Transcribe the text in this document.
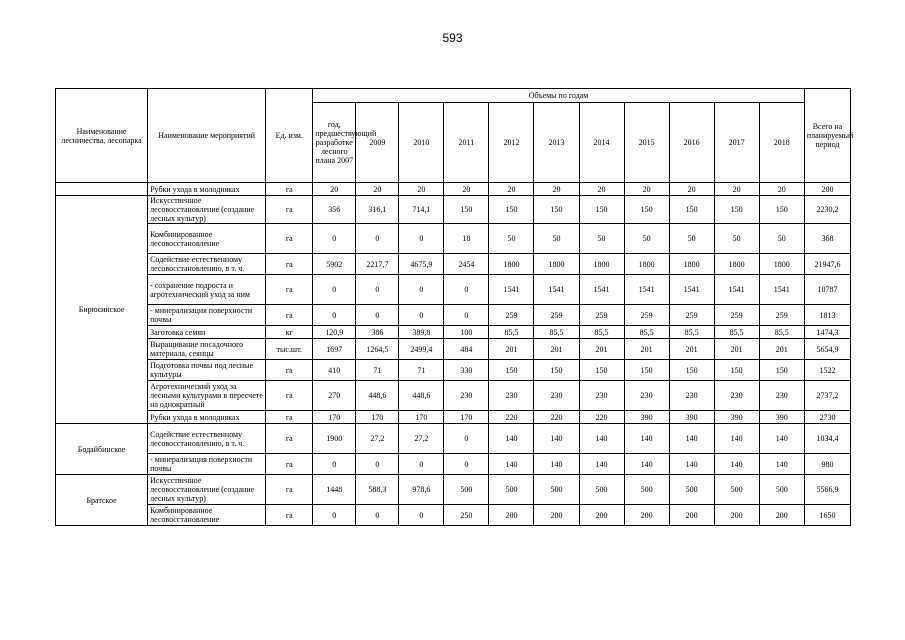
593
Наименование лесничества, лесопарка	Наименование мероприятий	Ед. изм.	Объемы по годам											Всего на планируемый период
			год, предшествующий разработке лесного плана 2007	2009	2010	2011	2012	2013	2014	2015	2016	2017	2018	
	Рубки ухода в молодняках	га	20	20	20	20	20	20	20	20	20	20	20	200
Бирюсинское	Искусственное лесовосстановление (создание лесных культур)	га	356	316,1	714,1	150	150	150	150	150	150	150	150	2230,2
	Комбинированное лесовосстановление	га	0	0	0	18	50	50	50	50	50	50	50	368
	Содействие естественному лесовосстановлению, в т. ч.	га	5902	2217,7	4675,9	2454	1800	1800	1800	1800	1800	1800	1800	21947,6
	- сохранение подроста и агротехнический уход за ним	га	0	0	0	0	1541	1541	1541	1541	1541	1541	1541	10787
	- минерализация поверхности почвы	га	0	0	0	0	259	259	259	259	259	259	259	1813
	Заготовка семян	кг	120,9	386	389,8	100	85,5	85,5	85,5	85,5	85,5	85,5	85,5	1474,3
	Выращивание посадочного материала, сеянцы	тыс.шт.	1697	1264,5	2499,4	484	201	201	201	201	201	201	201	5654,9
	Подготовка почвы под лесные культуры	га	410	71	71	330	150	150	150	150	150	150	150	1522
	Агротехнический уход за лесными культурами в пересчете на однократный	га	270	448,6	448,6	230	230	230	230	230	230	230	230	2737,2
	Рубки ухода в молодняках	га	170	170	170	170	220	220	220	390	390	390	390	2730
Бодайбинское	Содействие естественному лесовосстановлению, в т. ч.	га	1900	27,2	27,2	0	140	140	140	140	140	140	140	1034,4
	- минерализация поверхности почвы	га	0	0	0	0	140	140	140	140	140	140	140	980
Братское	Искусственное лесовосстановление (создание лесных культур)	га	1448	588,3	978,6	500	500	500	500	500	500	500	500	5566,9
	Комбинированное лесовосстановление	га	0	0	0	250	200	200	200	200	200	200	200	1650
